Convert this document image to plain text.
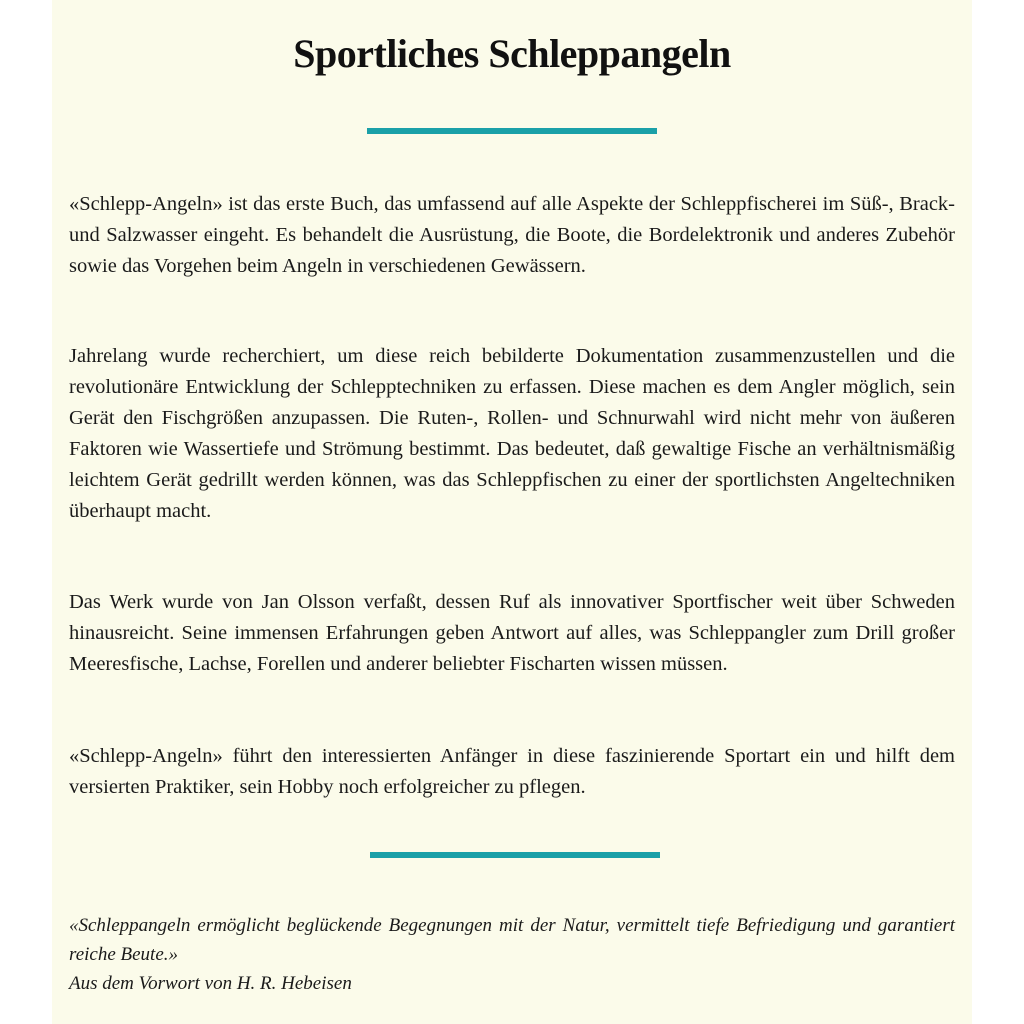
Sportliches Schleppangeln

«Schlepp-Angeln» ist das erste Buch, das umfassend auf alle Aspekte der Schleppfischerei im Süß-, Brack- und Salzwasser eingeht. Es behandelt die Ausrüstung, die Boote, die Bordelektronik und anderes Zubehör sowie das Vorgehen beim Angeln in verschiedenen Gewässern.

Jahrelang wurde recherchiert, um diese reich bebilderte Dokumentation zusammenzustellen und die revolutionäre Entwicklung der Schlepptechniken zu erfassen. Diese machen es dem Angler möglich, sein Gerät den Fischgrößen anzupassen. Die Ruten-, Rollen- und Schnurwahl wird nicht mehr von äußeren Faktoren wie Wassertiefe und Strömung bestimmt. Das bedeutet, daß gewaltige Fische an verhältnismäßig leichtem Gerät gedrillt werden können, was das Schleppfischen zu einer der sportlichsten Angeltechniken überhaupt macht.

Das Werk wurde von Jan Olsson verfaßt, dessen Ruf als innovativer Sportfischer weit über Schweden hinausreicht. Seine immensen Erfahrungen geben Antwort auf alles, was Schleppangler zum Drill großer Meeresfische, Lachse, Forellen und anderer beliebter Fischarten wissen müssen.

«Schlepp-Angeln» führt den interessierten Anfänger in diese faszinierende Sportart ein und hilft dem versierten Praktiker, sein Hobby noch erfolgreicher zu pflegen.

«Schleppangeln ermöglicht beglückende Begegnungen mit der Natur, vermittelt tiefe Befriedigung und garantiert reiche Beute.»
Aus dem Vorwort von H. R. Hebeisen
